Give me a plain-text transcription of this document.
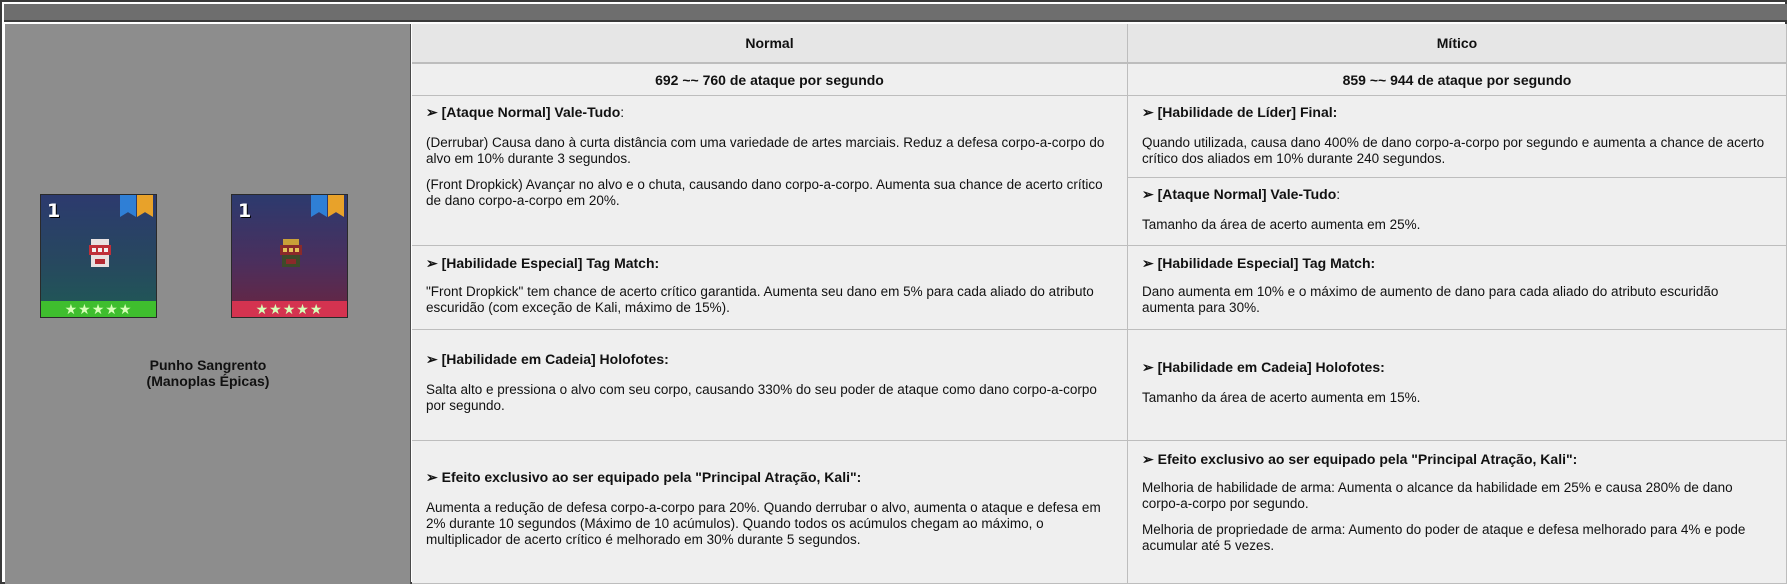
1
★★★★★
1
★★★★★
Punho Sangrento
(Manoplas Épicas)
Normal	Mítico
692 ~~ 760 de ataque por segundo	859 ~~ 944 de ataque por segundo
➢ [Ataque Normal] Vale-Tudo:
(Derrubar) Causa dano à curta distância com uma variedade de artes marciais. Reduz a defesa corpo-a-corpo do alvo em 10% durante 3 segundos.
(Front Dropkick) Avançar no alvo e o chuta, causando dano corpo-a-corpo. Aumenta sua chance de acerto crítico de dano corpo-a-corpo em 20%.
➢ [Habilidade Especial] Tag Match:
"Front Dropkick" tem chance de acerto crítico garantida. Aumenta seu dano em 5% para cada aliado do atributo escuridão (com exceção de Kali, máximo de 15%).
➢ [Habilidade em Cadeia] Holofotes:
Salta alto e pressiona o alvo com seu corpo, causando 330% do seu poder de ataque como dano corpo-a-corpo por segundo.
➢ Efeito exclusivo ao ser equipado pela "Principal Atração, Kali":
Aumenta a redução de defesa corpo-a-corpo para 20%. Quando derrubar o alvo, aumenta o ataque e defesa em 2% durante 10 segundos (Máximo de 10 acúmulos). Quando todos os acúmulos chegam ao máximo, o multiplicador de acerto crítico é melhorado em 30% durante 5 segundos.
➢ [Habilidade de Líder] Final:
Quando utilizada, causa dano 400% de dano corpo-a-corpo por segundo e aumenta a chance de acerto crítico dos aliados em 10% durante 240 segundos.
➢ [Ataque Normal] Vale-Tudo:
Tamanho da área de acerto aumenta em 25%.
➢ [Habilidade Especial] Tag Match:
Dano aumenta em 10% e o máximo de aumento de dano para cada aliado do atributo escuridão aumenta para 30%.
➢ [Habilidade em Cadeia] Holofotes:
Tamanho da área de acerto aumenta em 15%.
➢ Efeito exclusivo ao ser equipado pela "Principal Atração, Kali":
Melhoria de habilidade de arma: Aumenta o alcance da habilidade em 25% e causa 280% de dano corpo-a-corpo por segundo.
Melhoria de propriedade de arma: Aumento do poder de ataque e defesa melhorado para 4% e pode acumular até 5 vezes.
